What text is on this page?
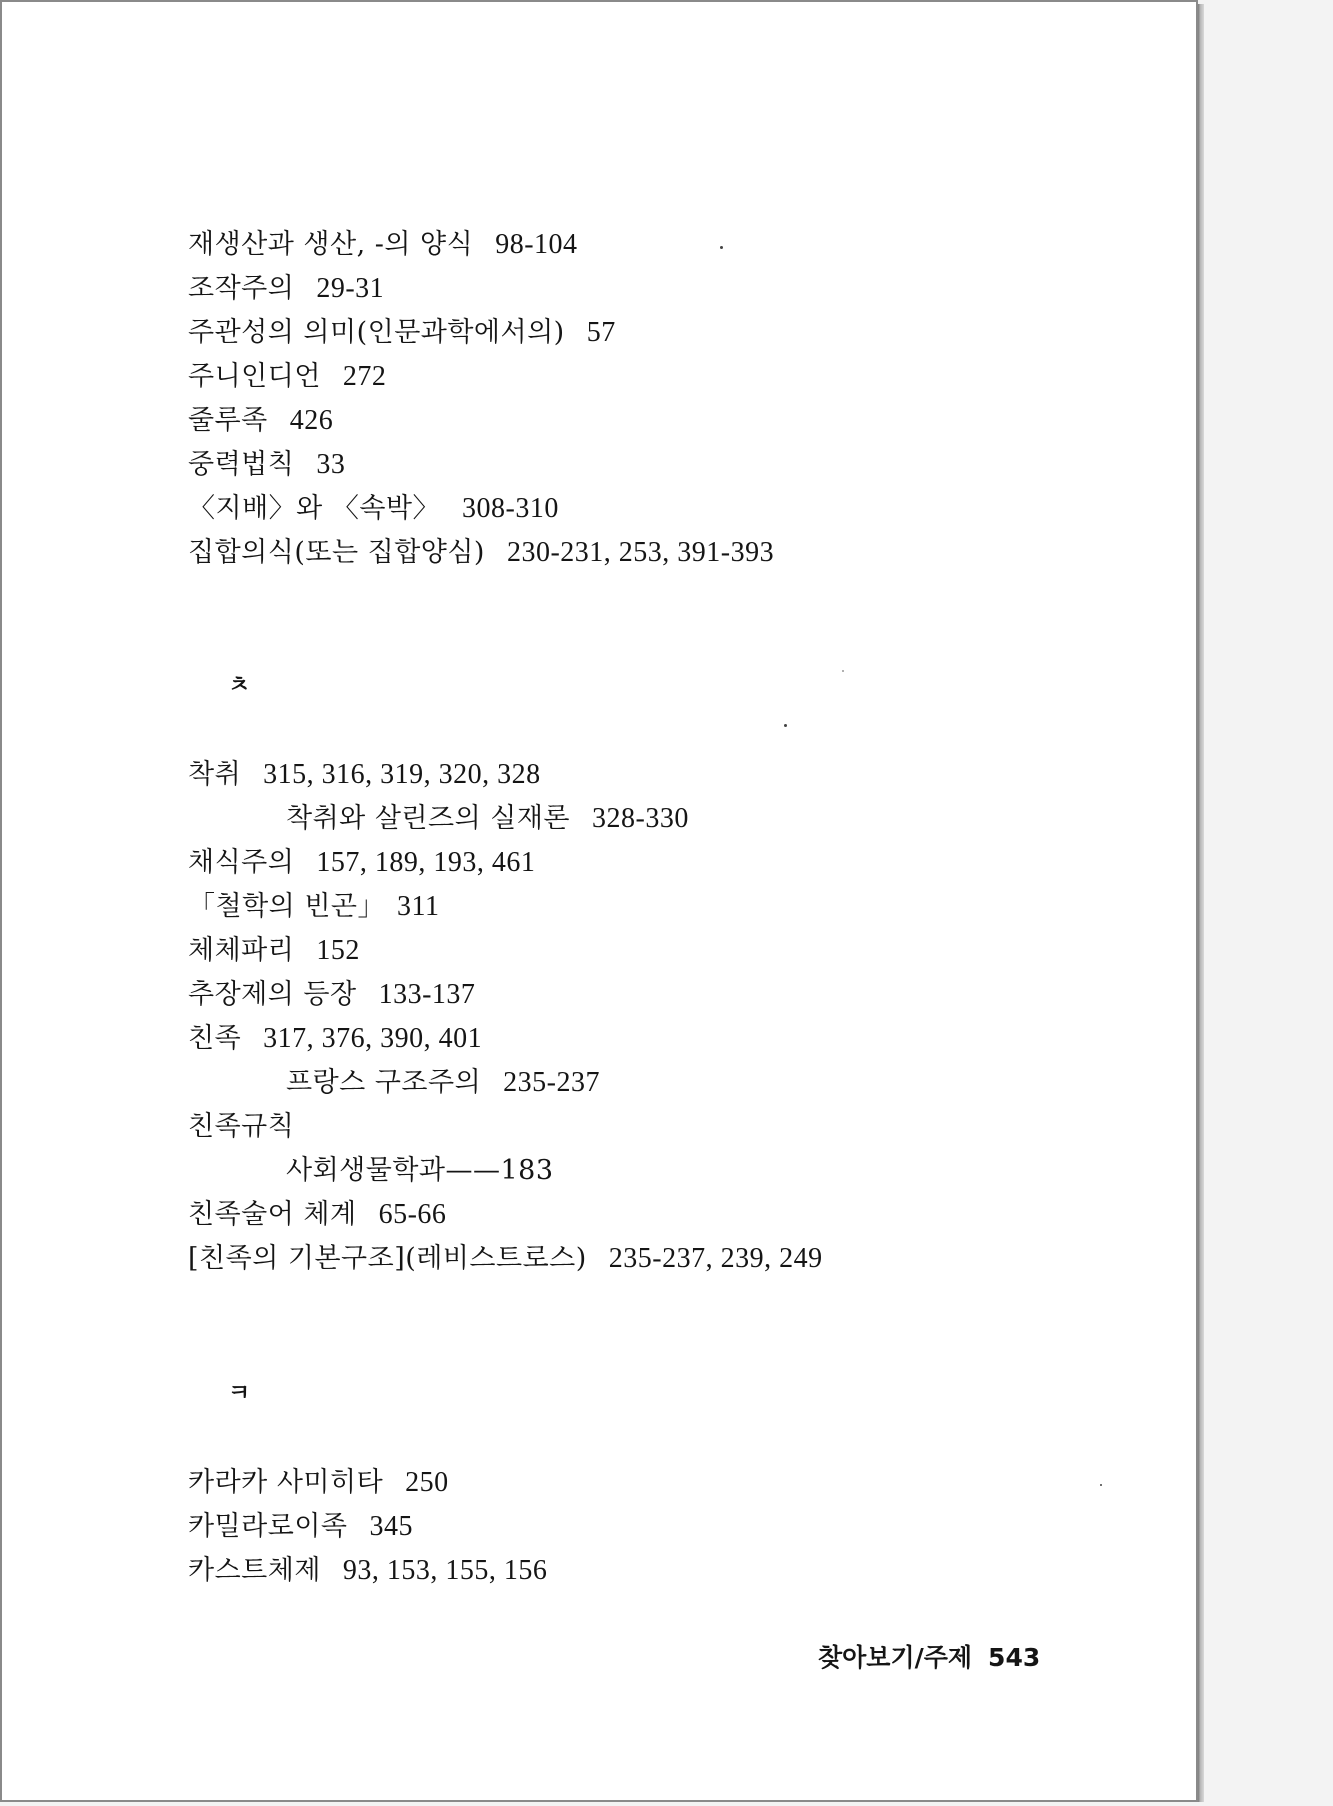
재생산과 생산, -의 양식 98-104
조작주의 29-31
주관성의 의미(인문과학에서의) 57
주니인디언 272
줄루족 426
중력법칙 33
〈지배〉와 〈속박〉 308-310
집합의식(또는 집합양심) 230-231, 253, 391-393
ㅊ
착취 315, 316, 319, 320, 328
착취와 살린즈의 실재론 328-330
채식주의 157, 189, 193, 461
「철학의 빈곤」 311
체체파리 152
추장제의 등장 133-137
친족 317, 376, 390, 401
프랑스 구조주의 235-237
친족규칙
사회생물학과——183
친족술어 체계 65-66
[친족의 기본구조](레비스트로스) 235-237, 239, 249
ㅋ
카라카 사미히타 250
카밀라로이족 345
카스트체제 93, 153, 155, 156
찾아보기/주제 543
